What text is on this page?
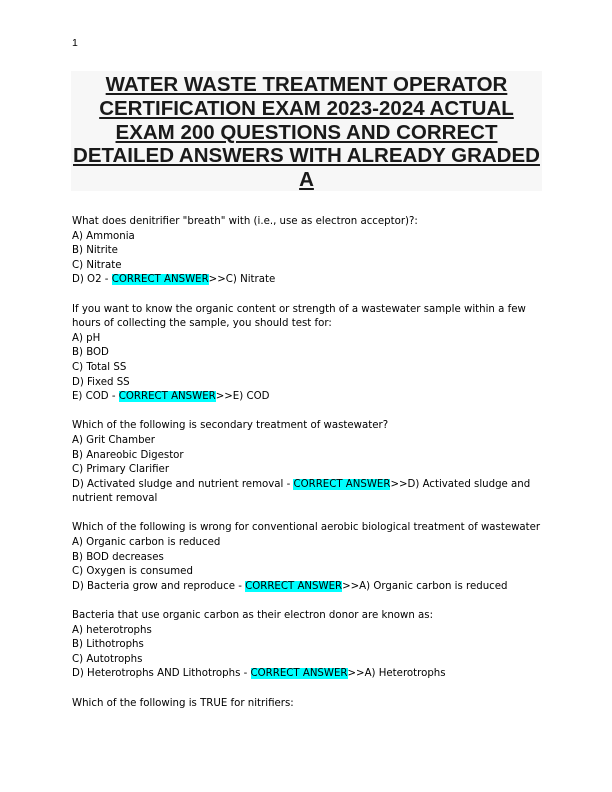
1
WATER WASTE TREATMENT OPERATOR CERTIFICATION EXAM 2023-2024 ACTUAL EXAM 200 QUESTIONS AND CORRECT DETAILED ANSWERS WITH ALREADY GRADED A
What does denitrifier "breath" with (i.e., use as electron acceptor)?:
A) Ammonia
B) Nitrite
C) Nitrate
D) O2 - CORRECT ANSWER>>C) Nitrate
If you want to know the organic content or strength of a wastewater sample within a few hours of collecting the sample, you should test for:
A) pH
B) BOD
C) Total SS
D) Fixed SS
E) COD - CORRECT ANSWER>>E) COD
Which of the following is secondary treatment of wastewater?
A) Grit Chamber
B) Anareobic Digestor
C) Primary Clarifier
D) Activated sludge and nutrient removal - CORRECT ANSWER>>D) Activated sludge and nutrient removal
Which of the following is wrong for conventional aerobic biological treatment of wastewater
A) Organic carbon is reduced
B) BOD decreases
C) Oxygen is consumed
D) Bacteria grow and reproduce - CORRECT ANSWER>>A) Organic carbon is reduced
Bacteria that use organic carbon as their electron donor are known as:
A) heterotrophs
B) Lithotrophs
C) Autotrophs
D) Heterotrophs AND Lithotrophs - CORRECT ANSWER>>A) Heterotrophs
Which of the following is TRUE for nitrifiers:
